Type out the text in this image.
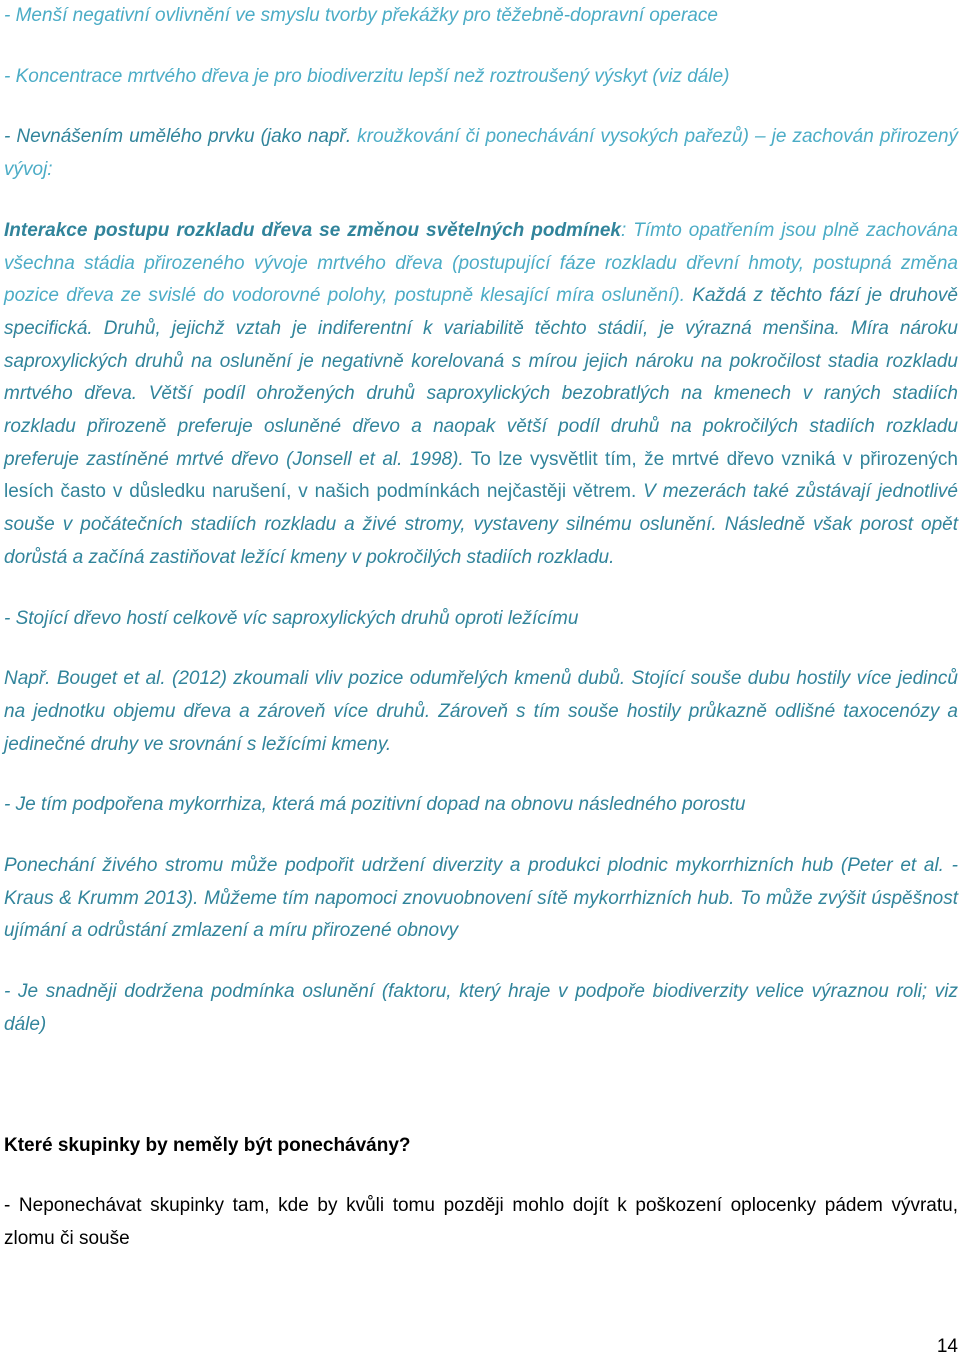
- Menší negativní ovlivnění ve smyslu tvorby překážky pro těžebně-dopravní operace

- Koncentrace mrtvého dřeva je pro biodiverzitu lepší než roztroušený výskyt (viz dále)

- Nevnášením umělého prvku (jako např. kroužkování či ponechávání vysokých pařezů) – je zachován přirozený vývoj:

Interakce postupu rozkladu dřeva se změnou světelných podmínek: Tímto opatřením jsou plně zachována všechna stádia přirozeného vývoje mrtvého dřeva (postupující fáze rozkladu dřevní hmoty, postupná změna pozice dřeva ze svislé do vodorovné polohy, postupně klesající míra oslunění). Každá z těchto fází je druhově specifická. Druhů, jejichž vztah je indiferentní k variabilitě těchto stádií, je výrazná menšina. Míra nároku saproxylických druhů na oslunění je negativně korelovaná s mírou jejich nároku na pokročilost stadia rozkladu mrtvého dřeva. Větší podíl ohrožených druhů saproxylických bezobratlých na kmenech v raných stadiích rozkladu přirozeně preferuje osluněné dřevo a naopak větší podíl druhů na pokročilých stadiích rozkladu preferuje zastíněné mrtvé dřevo (Jonsell et al. 1998). To lze vysvětlit tím, že mrtvé dřevo vzniká v přirozených lesích často v důsledku narušení, v našich podmínkách nejčastěji větrem. V mezerách také zůstávají jednotlivé souše v počátečních stadiích rozkladu a živé stromy, vystaveny silnému oslunění. Následně však porost opět dorůstá a začíná zastiňovat ležící kmeny v pokročilých stadiích rozkladu.

- Stojící dřevo hostí celkově víc saproxylických druhů oproti ležícímu

Např. Bouget et al. (2012) zkoumali vliv pozice odumřelých kmenů dubů. Stojící souše dubu hostily více jedinců na jednotku objemu dřeva a zároveň více druhů. Zároveň s tím souše hostily průkazně odlišné taxocenózy a jedinečné druhy ve srovnání s ležícími kmeny.

- Je tím podpořena mykorrhiza, která má pozitivní dopad na obnovu následného porostu

Ponechání živého stromu může podpořit udržení diverzity a produkci plodnic mykorrhizních hub (Peter et al. - Kraus & Krumm 2013). Můžeme tím napomoci znovuobnovení sítě mykorrhizních hub. To může zvýšit úspěšnost ujímání a odrůstání zmlazení a míru přirozené obnovy

- Je snadněji dodržena podmínka oslunění (faktoru, který hraje v podpoře biodiverzity velice výraznou roli; viz dále)

Které skupinky by neměly být ponechávány?

- Neponechávat skupinky tam, kde by kvůli tomu později mohlo dojít k poškození oplocenky pádem vývratu, zlomu či souše

14
